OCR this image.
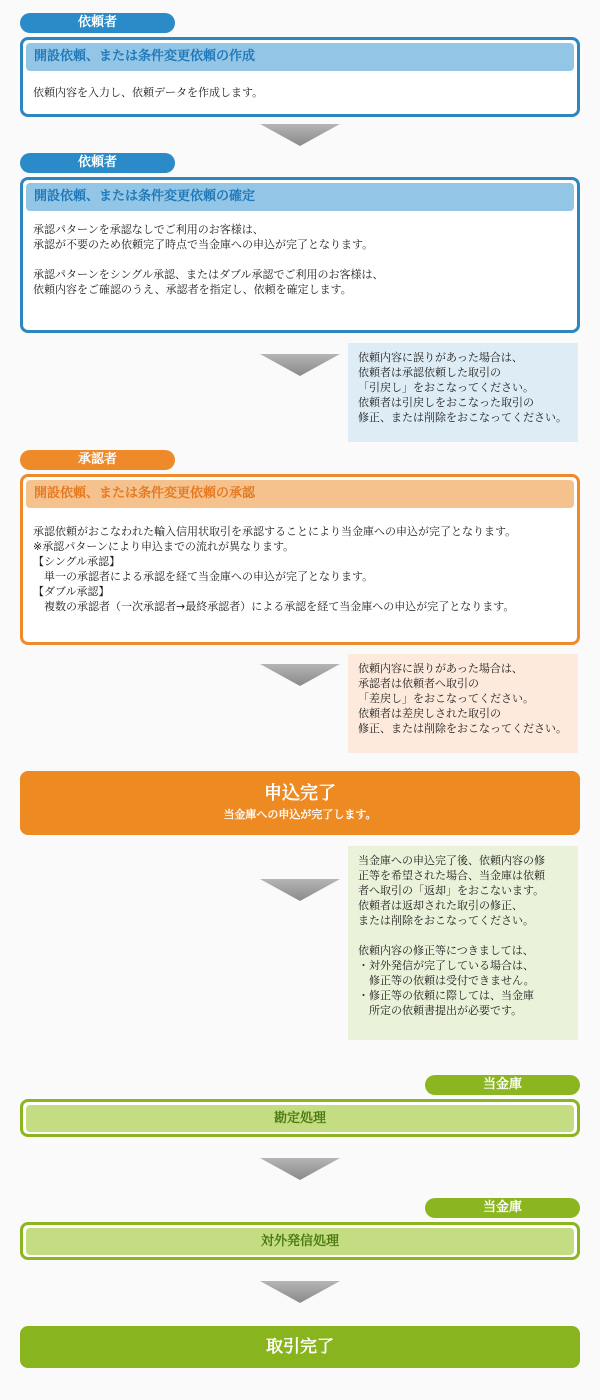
依頼者
開設依頼、または条件変更依頼の作成
依頼内容を入力し、依頼データを作成します。
依頼者
開設依頼、または条件変更依頼の確定
承認パターンを承認なしでご利用のお客様は、
承認が不要のため依頼完了時点で当金庫への申込が完了となります。
承認パターンをシングル承認、またはダブル承認でご利用のお客様は、
依頼内容をご確認のうえ、承認者を指定し、依頼を確定します。
依頼内容に誤りがあった場合は、
依頼者は承認依頼した取引の
「引戻し」をおこなってください。
依頼者は引戻しをおこなった取引の
修正、または削除をおこなってください。
承認者
開設依頼、または条件変更依頼の承認
承認依頼がおこなわれた輸入信用状取引を承認することにより当金庫への申込が完了となります。
※承認パターンにより申込までの流れが異なります。
【シングル承認】
　単一の承認者による承認を経て当金庫への申込が完了となります。
【ダブル承認】
　複数の承認者（一次承認者→最終承認者）による承認を経て当金庫への申込が完了となります。
依頼内容に誤りがあった場合は、
承認者は依頼者へ取引の
「差戻し」をおこなってください。
依頼者は差戻しされた取引の
修正、または削除をおこなってください。
申込完了
当金庫への申込が完了します。
当金庫への申込完了後、依頼内容の修
正等を希望された場合、当金庫は依頼
者へ取引の「返却」をおこないます。
依頼者は返却された取引の修正、
または削除をおこなってください。

依頼内容の修正等につきましては、
・対外発信が完了している場合は、
　修正等の依頼は受付できません。
・修正等の依頼に際しては、当金庫
　所定の依頼書提出が必要です。
当金庫
勘定処理
当金庫
対外発信処理
取引完了
